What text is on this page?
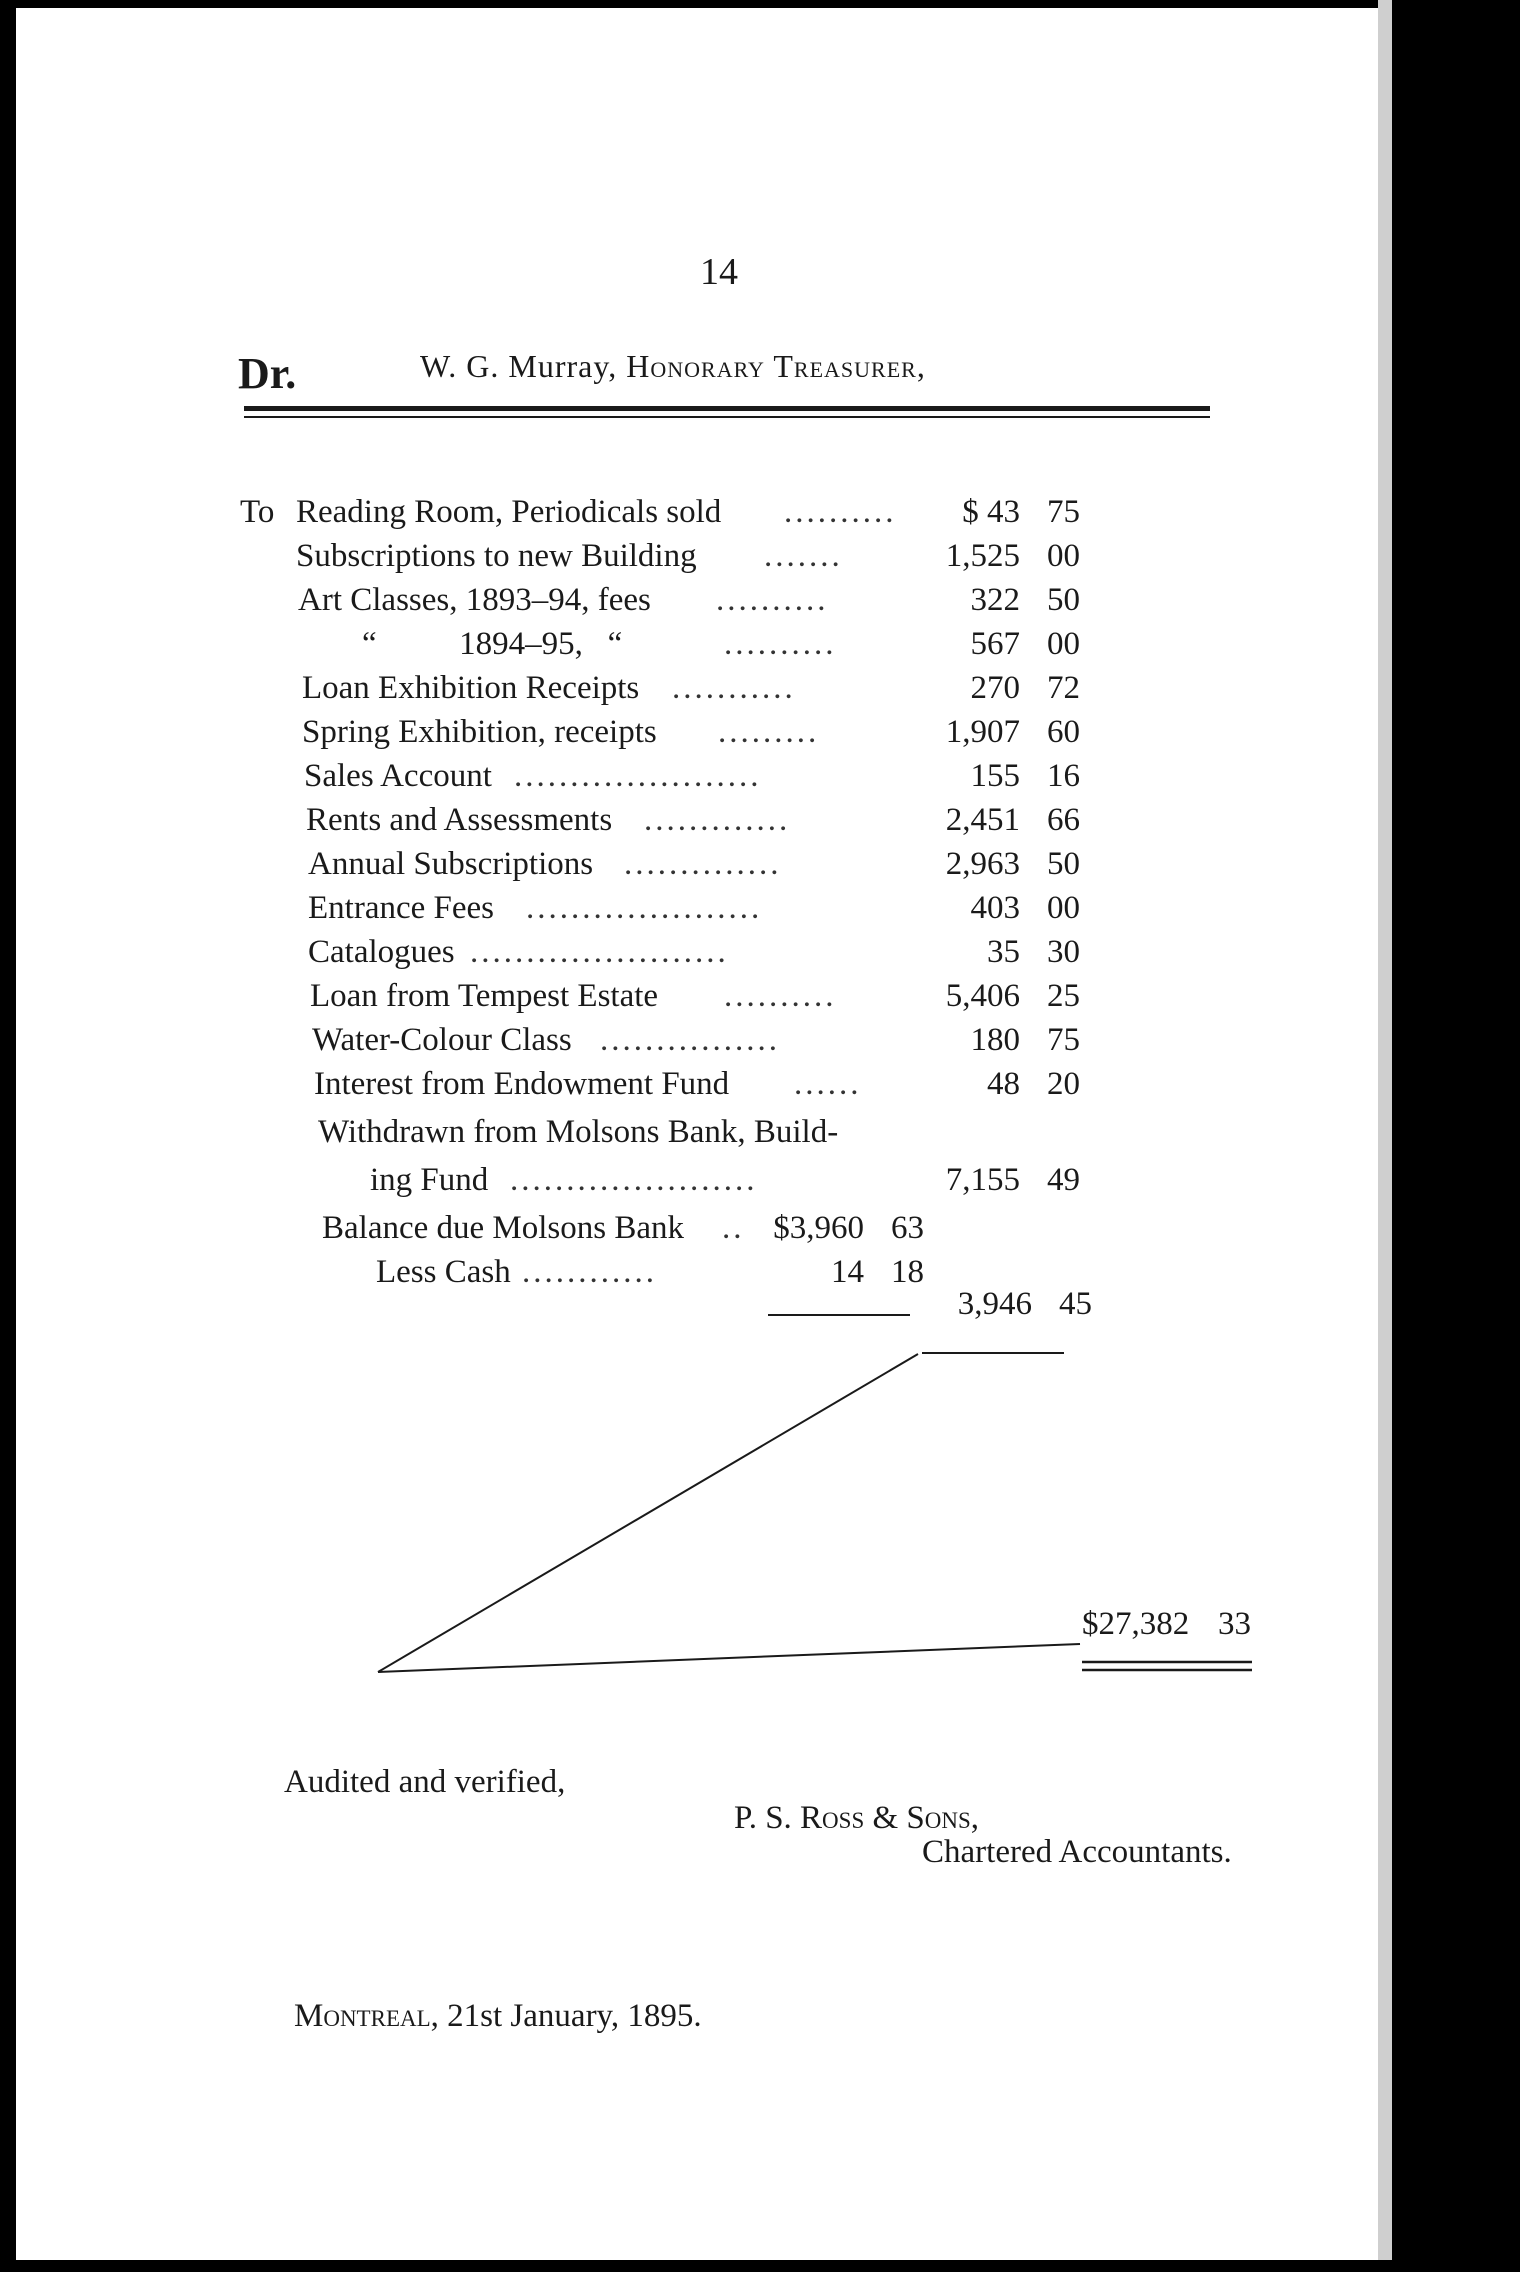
14
Dr.	W. G. Murray, Honorary Treasurer,
To Reading Room, Periodicals sold ..........	$ 43 75
Subscriptions to new Building .......	1,525 00
Art Classes, 1893–94, fees ..........	322 50
“          1894–95,   “	..........	567 00
Loan Exhibition Receipts ...........	270 72
Spring Exhibition, receipts .........	1,907 60
Sales Account ......................	155 16
Rents and Assessments .............	2,451 66
Annual Subscriptions ..............	2,963 50
Entrance Fees .....................	403 00
Catalogues .......................	35 30
Loan from Tempest Estate ..........	5,406 25
Water-Colour Class ................	180 75
Interest from Endowment Fund ......	48 20
Withdrawn from Molsons Bank, Build-
ing Fund ......................	7,155 49
Balance due Molsons Bank .. $3,960 63
Less Cash ............	14 18
3,946 45
$27,382 33
Audited and verified,
P. S. Ross & Sons,
Chartered Accountants.
Montreal, 21st January, 1895.
